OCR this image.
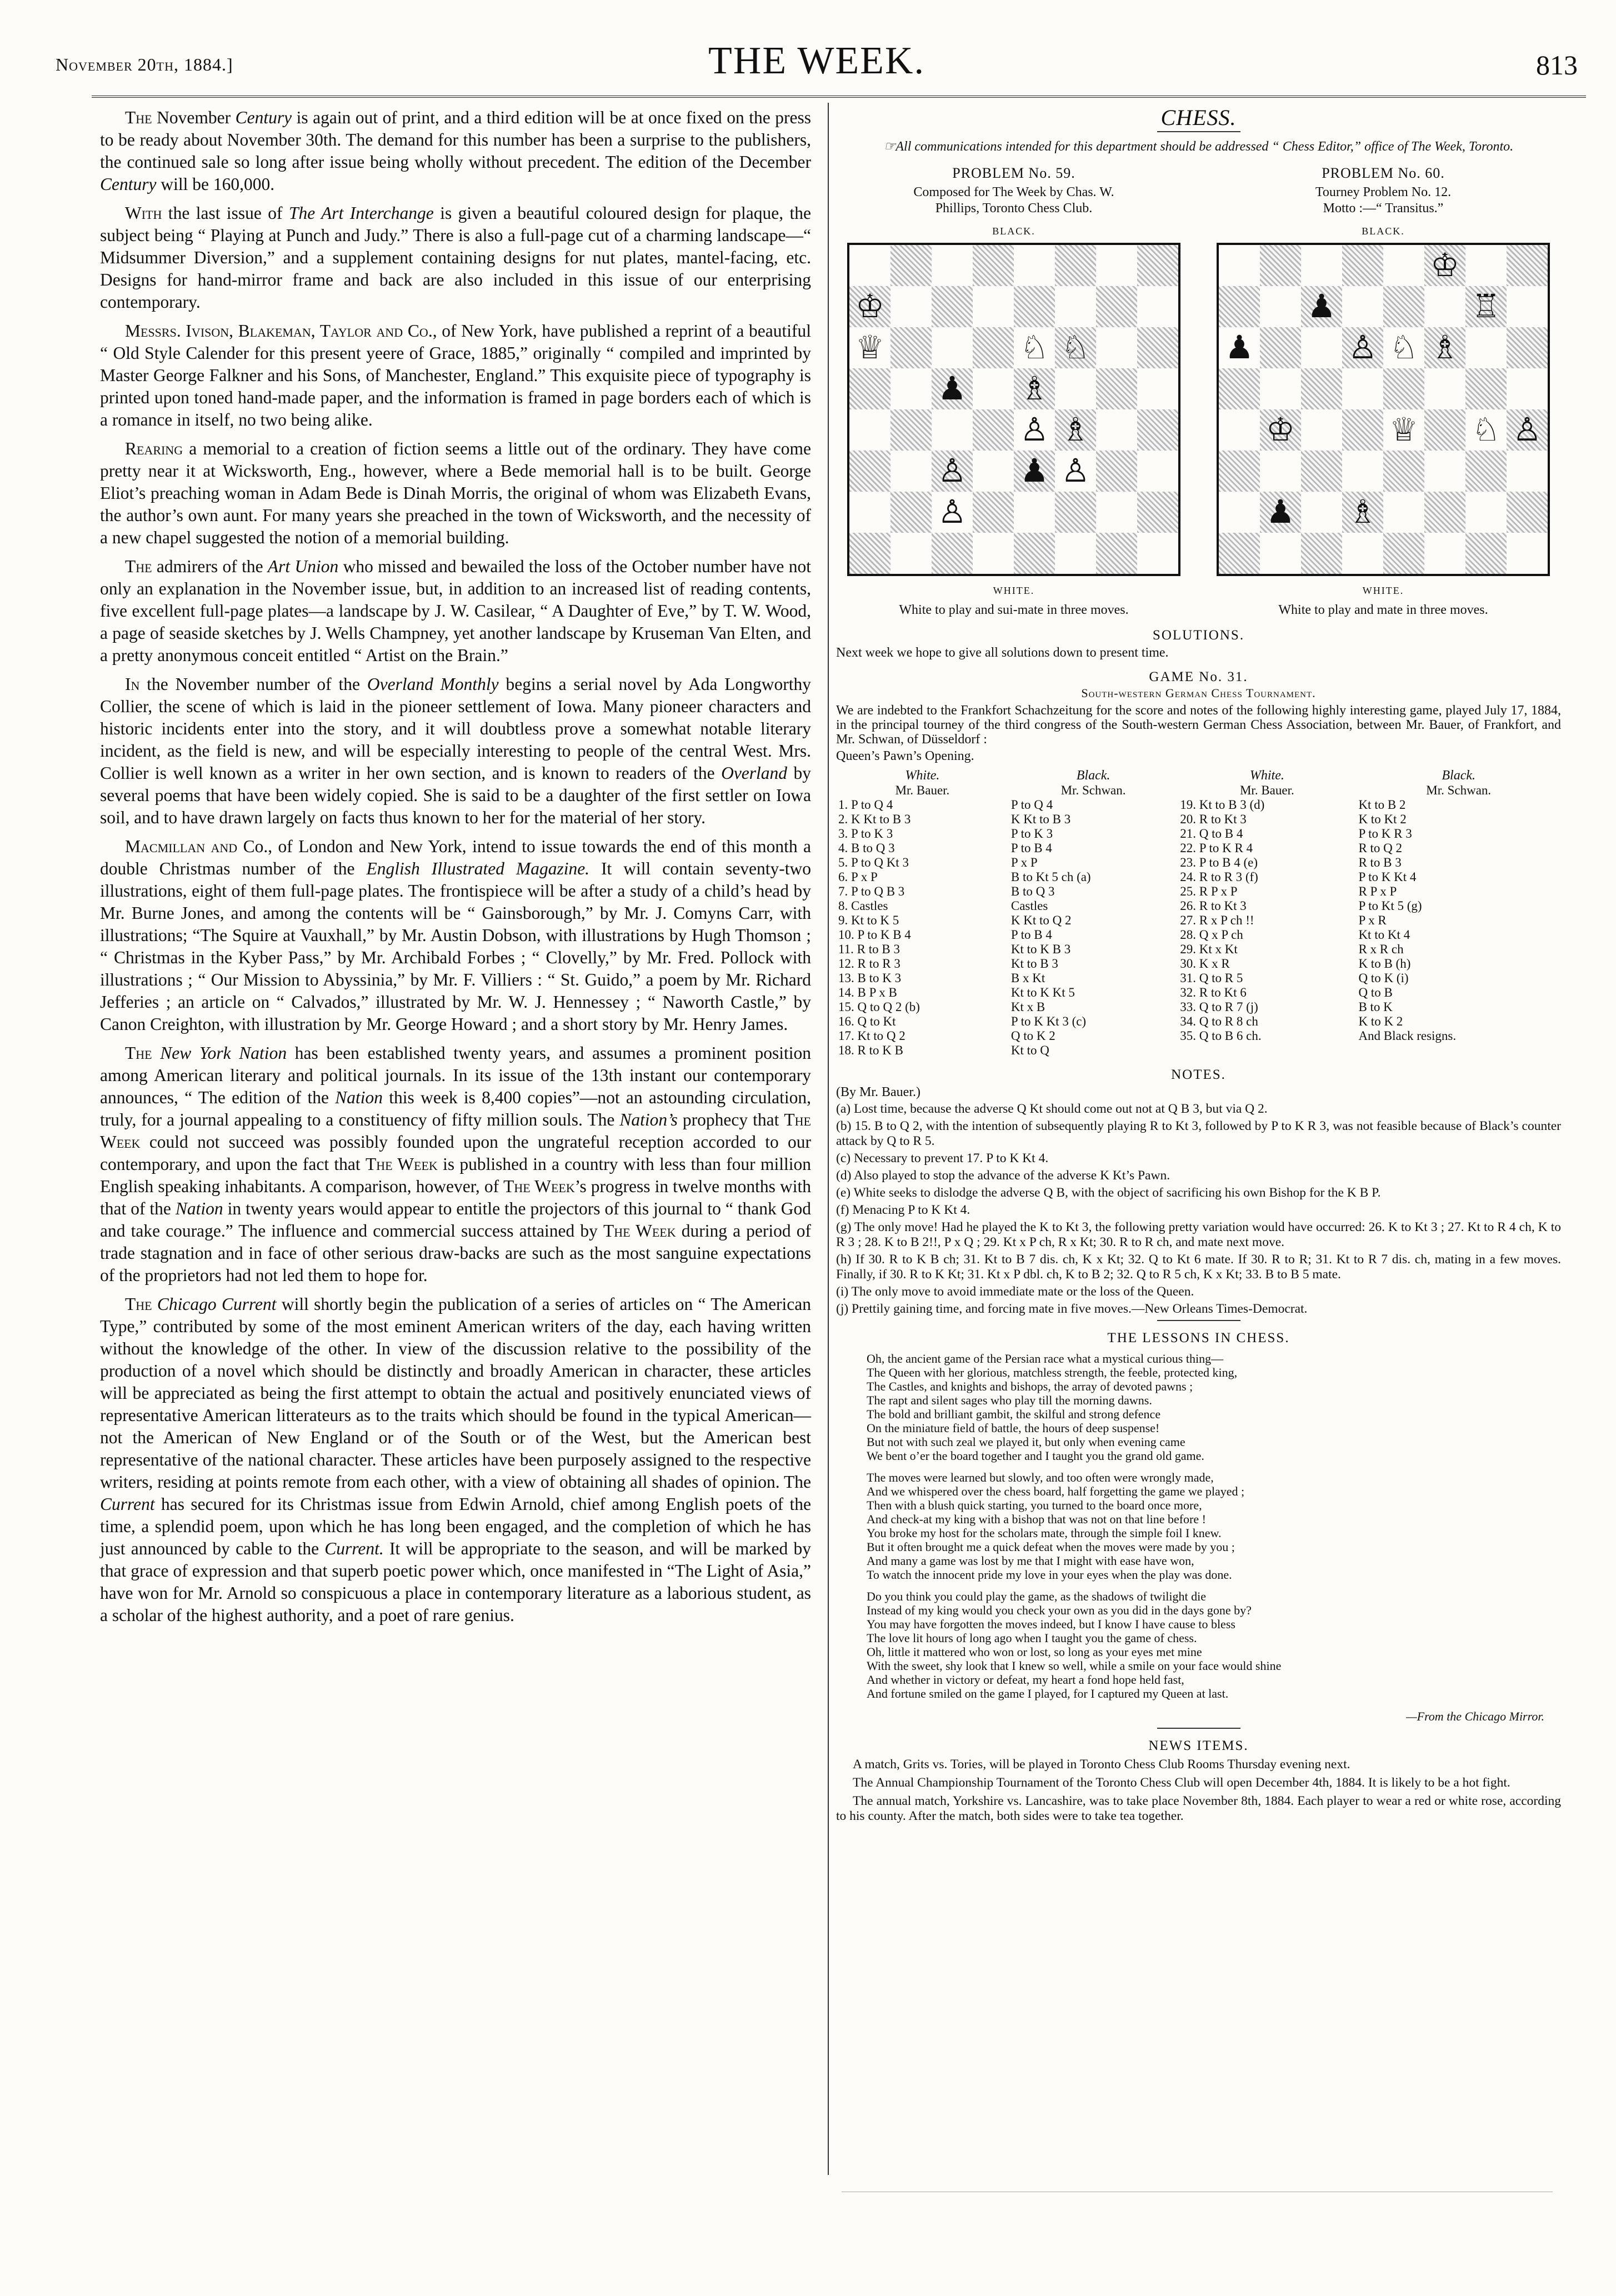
November 20th, 1884.]	THE WEEK.	813

The November Century is again out of print, and a third edition will be at once fixed on the press to be ready about November 30th. The demand for this number has been a surprise to the publishers, the continued sale so long after issue being wholly without precedent. The edition of the December Century will be 160,000.

With the last issue of The Art Interchange is given a beautiful coloured design for plaque, the subject being “ Playing at Punch and Judy.” There is also a full-page cut of a charming landscape—“ Midsummer Diversion,” and a supplement containing designs for nut plates, mantel-facing, etc. Designs for hand-mirror frame and back are also included in this issue of our enterprising contemporary.

Messrs. Ivison, Blakeman, Taylor and Co., of New York, have published a reprint of a beautiful “ Old Style Calender for this present yeere of Grace, 1885,” originally “ compiled and imprinted by Master George Falkner and his Sons, of Manchester, England.” This exquisite piece of typography is printed upon toned hand-made paper, and the information is framed in page borders each of which is a romance in itself, no two being alike.

Rearing a memorial to a creation of fiction seems a little out of the ordinary. They have come pretty near it at Wicksworth, Eng., however, where a Bede memorial hall is to be built. George Eliot’s preaching woman in Adam Bede is Dinah Morris, the original of whom was Elizabeth Evans, the author’s own aunt. For many years she preached in the town of Wicksworth, and the necessity of a new chapel suggested the notion of a memorial building.

The admirers of the Art Union who missed and bewailed the loss of the October number have not only an explanation in the November issue, but, in addition to an increased list of reading contents, five excellent full-page plates—a landscape by J. W. Casilear, “ A Daughter of Eve,” by T. W. Wood, a page of seaside sketches by J. Wells Champney, yet another landscape by Kruseman Van Elten, and a pretty anonymous conceit entitled “ Artist on the Brain.”

In the November number of the Overland Monthly begins a serial novel by Ada Longworthy Collier, the scene of which is laid in the pioneer settlement of Iowa. Many pioneer characters and historic incidents enter into the story, and it will doubtless prove a somewhat notable literary incident, as the field is new, and will be especially interesting to people of the central West. Mrs. Collier is well known as a writer in her own section, and is known to readers of the Overland by several poems that have been widely copied. She is said to be a daughter of the first settler on Iowa soil, and to have drawn largely on facts thus known to her for the material of her story.

Macmillan and Co., of London and New York, intend to issue towards the end of this month a double Christmas number of the English Illustrated Magazine. It will contain seventy-two illustrations, eight of them full-page plates. The frontispiece will be after a study of a child’s head by Mr. Burne Jones, and among the contents will be “ Gainsborough,” by Mr. J. Comyns Carr, with illustrations; “The Squire at Vauxhall,” by Mr. Austin Dobson, with illustrations by Hugh Thomson ; “ Christmas in the Kyber Pass,” by Mr. Archibald Forbes ; “ Clovelly,” by Mr. Fred. Pollock with illustrations ; “ Our Mission to Abyssinia,” by Mr. F. Villiers : “ St. Guido,” a poem by Mr. Richard Jefferies ; an article on “ Calvados,” illustrated by Mr. W. J. Hennessey ; “ Naworth Castle,” by Canon Creighton, with illustration by Mr. George Howard ; and a short story by Mr. Henry James.

The New York Nation has been established twenty years, and assumes a prominent position among American literary and political journals. In its issue of the 13th instant our contemporary announces, “ The edition of the Nation this week is 8,400 copies”—not an astounding circulation, truly, for a journal appealing to a constituency of fifty million souls. The Nation’s prophecy that The Week could not succeed was possibly founded upon the ungrateful reception accorded to our contemporary, and upon the fact that The Week is published in a country with less than four million English speaking inhabitants. A comparison, however, of The Week’s progress in twelve months with that of the Nation in twenty years would appear to entitle the projectors of this journal to “ thank God and take courage.” The influence and commercial success attained by The Week during a period of trade stagnation and in face of other serious draw-backs are such as the most sanguine expectations of the proprietors had not led them to hope for.

The Chicago Current will shortly begin the publication of a series of articles on “ The American Type,” contributed by some of the most eminent American writers of the day, each having written without the knowledge of the other. In view of the discussion relative to the possibility of the production of a novel which should be distinctly and broadly American in character, these articles will be appreciated as being the first attempt to obtain the actual and positively enunciated views of representative American litterateurs as to the traits which should be found in the typical American—not the American of New England or of the South or of the West, but the American best representative of the national character. These articles have been purposely assigned to the respective writers, residing at points remote from each other, with a view of obtaining all shades of opinion. The Current has secured for its Christmas issue from Edwin Arnold, chief among English poets of the time, a splendid poem, upon which he has long been engaged, and the completion of which he has just announced by cable to the Current. It will be appropriate to the season, and will be marked by that grace of expression and that superb poetic power which, once manifested in “The Light of Asia,” have won for Mr. Arnold so conspicuous a place in contemporary literature as a laborious student, as a scholar of the highest authority, and a poet of rare genius.

CHESS.
☞All communications intended for this department should be addressed “ Chess Editor,” office of The Week, Toronto.
PROBLEM No. 59.
Composed for The Week by Chas. W.
Phillips, Toronto Chess Club.
BLACK.
♔
♕	♘ ♘
♟ ♗
♙ ♗
♙ ♟ ♙
♙
WHITE.
White to play and sui-mate in three moves.
PROBLEM No. 60.
Tourney Problem No. 12.
Motto :—“ Transitus.”
BLACK.
♔
♟	♖
♟	♙ ♘ ♗
♔	♕ ♘ ♙
♟ ♗
WHITE.
White to play and mate in three moves.
SOLUTIONS.
Next week we hope to give all solutions down to present time.
GAME No. 31.
South-western German Chess Tournament.
We are indebted to the Frankfort Schachzeitung for the score and notes of the following highly interesting game, played July 17, 1884, in the principal tourney of the third congress of the South-western German Chess Association, between Mr. Bauer, of Frankfort, and Mr. Schwan, of Düsseldorf :
Queen’s Pawn’s Opening.
White.	Black.	White.	Black.
Mr. Bauer.	Mr. Schwan.	Mr. Bauer.	Mr. Schwan.
1. P to Q 4	P to Q 4	19. Kt to B 3 (d)	Kt to B 2
2. K Kt to B 3	K Kt to B 3	20. R to Kt 3	K to Kt 2
3. P to K 3	P to K 3	21. Q to B 4	P to K R 3
4. B to Q 3	P to B 4	22. P to K R 4	R to Q 2
5. P to Q Kt 3	P x P	23. P to B 4 (e)	R to B 3
6. P x P	B to Kt 5 ch (a)	24. R to R 3 (f)	P to K Kt 4
7. P to Q B 3	B to Q 3	25. R P x P	R P x P
8. Castles	Castles	26. R to Kt 3	P to Kt 5 (g)
9. Kt to K 5	K Kt to Q 2	27. R x P ch !!	P x R
10. P to K B 4	P to B 4	28. Q x P ch	Kt to Kt 4
11. R to B 3	Kt to K B 3	29. Kt x Kt	R x R ch
12. R to R 3	Kt to B 3	30. K x R	K to B (h)
13. B to K 3	B x Kt	31. Q to R 5	Q to K (i)
14. B P x B	Kt to K Kt 5	32. R to Kt 6	Q to B
15. Q to Q 2 (b)	Kt x B	33. Q to R 7 (j)	B to K
16. Q to Kt	P to K Kt 3 (c)	34. Q to R 8 ch	K to K 2
17. Kt to Q 2	Q to K 2	35. Q to B 6 ch.	And Black resigns.
18. R to K B	Kt to Q		
NOTES.
(By Mr. Bauer.)

(a) Lost time, because the adverse Q Kt should come out not at Q B 3, but via Q 2.

(b) 15. B to Q 2, with the intention of subsequently playing R to Kt 3, followed by P to K R 3, was not feasible because of Black’s counter attack by Q to R 5.

(c) Necessary to prevent 17. P to K Kt 4.

(d) Also played to stop the advance of the adverse K Kt’s Pawn.

(e) White seeks to dislodge the adverse Q B, with the object of sacrificing his own Bishop for the K B P.

(f) Menacing P to K Kt 4.

(g) The only move! Had he played the K to Kt 3, the following pretty variation would have occurred: 26. K to Kt 3 ; 27. Kt to R 4 ch, K to R 3 ; 28. K to B 2!!, P x Q ; 29. Kt x P ch, R x Kt; 30. R to R ch, and mate next move.

(h) If 30. R to K B ch; 31. Kt to B 7 dis. ch, K x Kt; 32. Q to Kt 6 mate. If 30. R to R; 31. Kt to R 7 dis. ch, mating in a few moves. Finally, if 30. R to K Kt; 31. Kt x P dbl. ch, K to B 2; 32. Q to R 5 ch, K x Kt; 33. B to B 5 mate.

(i) The only move to avoid immediate mate or the loss of the Queen.

(j) Prettily gaining time, and forcing mate in five moves.—New Orleans Times-Democrat.

THE LESSONS IN CHESS.
Oh, the ancient game of the Persian race what a mystical curious thing—
The Queen with her glorious, matchless strength, the feeble, protected king,
The Castles, and knights and bishops, the array of devoted pawns ;
The rapt and silent sages who play till the morning dawns.
The bold and brilliant gambit, the skilful and strong defence
On the miniature field of battle, the hours of deep suspense!
But not with such zeal we played it, but only when evening came
We bent o’er the board together and I taught you the grand old game.
The moves were learned but slowly, and too often were wrongly made,
And we whispered over the chess board, half forgetting the game we played ;
Then with a blush quick starting, you turned to the board once more,
And check-at my king with a bishop that was not on that line before !
You broke my host for the scholars mate, through the simple foil I knew.
But it often brought me a quick defeat when the moves were made by you ;
And many a game was lost by me that I might with ease have won,
To watch the innocent pride my love in your eyes when the play was done.
Do you think you could play the game, as the shadows of twilight die
Instead of my king would you check your own as you did in the days gone by?
You may have forgotten the moves indeed, but I know I have cause to bless
The love lit hours of long ago when I taught you the game of chess.
Oh, little it mattered who won or lost, so long as your eyes met mine
With the sweet, shy look that I knew so well, while a smile on your face would shine
And whether in victory or defeat, my heart a fond hope held fast,
And fortune smiled on the game I played, for I captured my Queen at last.
—From the Chicago Mirror.
NEWS ITEMS.

A match, Grits vs. Tories, will be played in Toronto Chess Club Rooms Thursday evening next.

The Annual Championship Tournament of the Toronto Chess Club will open December 4th, 1884. It is likely to be a hot fight.

The annual match, Yorkshire vs. Lancashire, was to take place November 8th, 1884. Each player to wear a red or white rose, according to his county. After the match, both sides were to take tea together.
